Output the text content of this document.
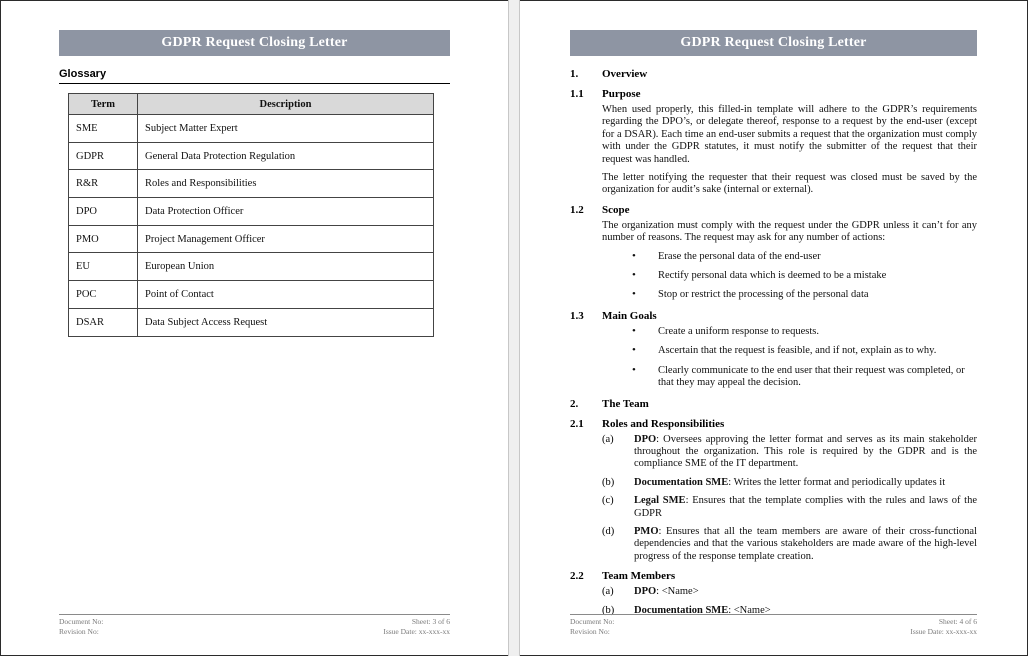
GDPR Request Closing Letter
Glossary
Term	Description
SME	Subject Matter Expert
GDPR	General Data Protection Regulation
R&R	Roles and Responsibilities
DPO	Data Protection Officer
PMO	Project Management Officer
EU	European Union
POC	Point of Contact
DSAR	Data Subject Access Request
Document No:
Revision No:
Sheet: 3 of 6
Issue Date: xx-xxx-xx
GDPR Request Closing Letter
1.	Overview
1.1	Purpose
When used properly, this filled-in template will adhere to the GDPR’s requirements regarding the DPO’s, or delegate thereof, response to a request by the end-user (except for a DSAR). Each time an end-user submits a request that the organization must comply with under the GDPR statutes, it must notify the submitter of the request that their request was handled.
The letter notifying the requester that their request was closed must be saved by the organization for audit’s sake (internal or external).
1.2	Scope
The organization must comply with the request under the GDPR unless it can’t for any number of reasons. The request may ask for any number of actions:
• Erase the personal data of the end-user
• Rectify personal data which is deemed to be a mistake
• Stop or restrict the processing of the personal data
1.3	Main Goals
• Create a uniform response to requests.
• Ascertain that the request is feasible, and if not, explain as to why.
• Clearly communicate to the end user that their request was completed, or that they may appeal the decision.
2.	The Team
2.1	Roles and Responsibilities
(a)	DPO: Oversees approving the letter format and serves as its main stakeholder throughout the organization. This role is required by the GDPR and is the compliance SME of the IT department.
(b)	Documentation SME: Writes the letter format and periodically updates it
(c)	Legal SME: Ensures that the template complies with the rules and laws of the GDPR
(d)	PMO: Ensures that all the team members are aware of their cross-functional dependencies and that the various stakeholders are made aware of the high-level progress of the response template creation.
2.2	Team Members
(a)	DPO: <Name>
(b)	Documentation SME: <Name>
Document No:
Revision No:
Sheet: 4 of 6
Issue Date: xx-xxx-xx
